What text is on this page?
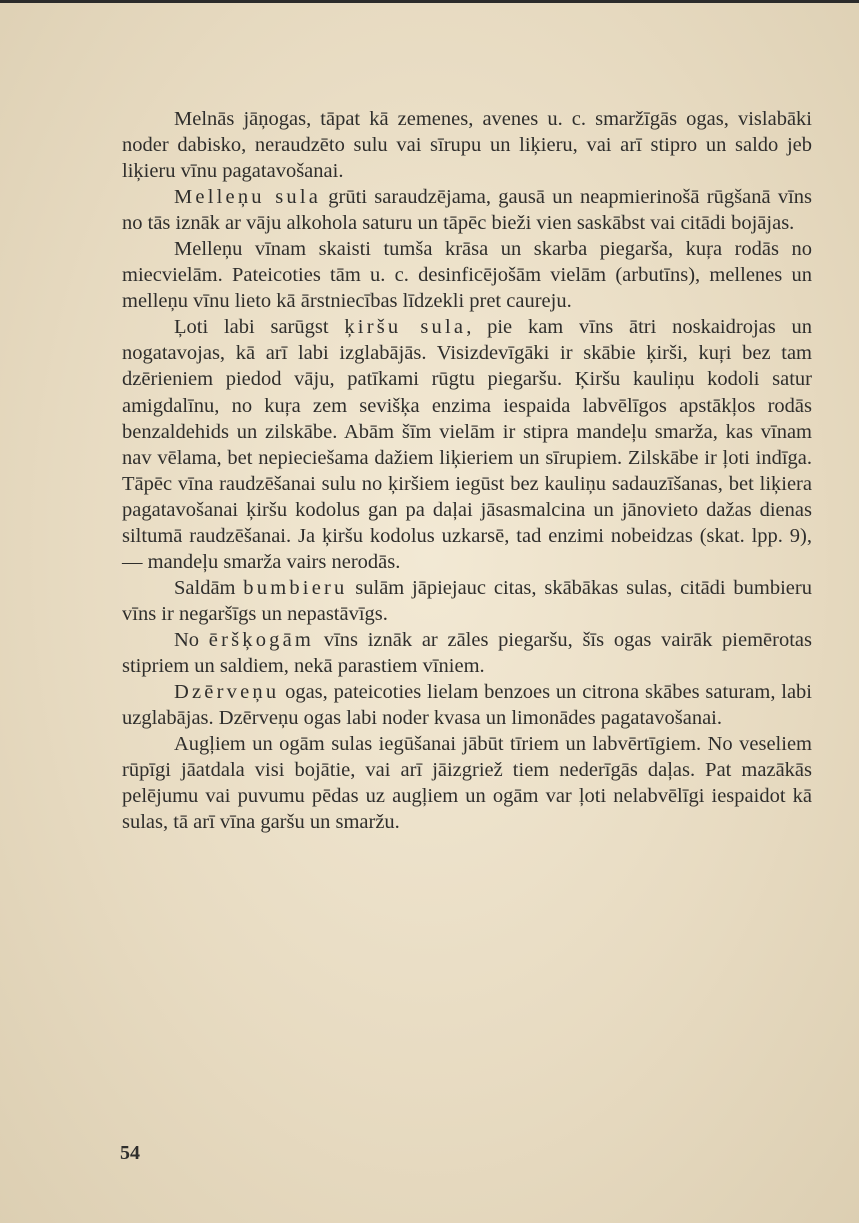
Melnās jāņogas, tāpat kā zemenes, avenes u. c. smaržīgās ogas, vislabāki noder dabisko, neraudzēto sulu vai sīrupu un liķieru, vai arī stipro un saldo jeb liķieru vīnu pagatavošanai.

Melleņu sula grūti saraudzējama, gausā un neapmierinošā rūgšanā vīns no tās iznāk ar vāju alkohola saturu un tāpēc bieži vien saskābst vai citādi bojājas.

Melleņu vīnam skaisti tumša krāsa un skarba piegarša, kuŗa rodās no miecvielām. Pateicoties tām u. c. desinficējošām vielām (arbutīns), mellenes un melleņu vīnu lieto kā ārstniecības līdzekli pret caureju.

Ļoti labi sarūgst ķiršu sula, pie kam vīns ātri noskaidrojas un nogatavojas, kā arī labi izglabājās. Visizdevīgāki ir skābie ķirši, kuŗi bez tam dzērieniem piedod vāju, patīkami rūgtu piegaršu. Ķiršu kauliņu kodoli satur amigdalīnu, no kuŗa zem sevišķa enzima iespaida labvēlīgos apstākļos rodās benzaldehids un zilskābe. Abām šīm vielām ir stipra mandeļu smarža, kas vīnam nav vēlama, bet nepieciešama dažiem liķieriem un sīrupiem. Zilskābe ir ļoti indīga. Tāpēc vīna raudzēšanai sulu no ķiršiem iegūst bez kauliņu sadauzīšanas, bet liķiera pagatavošanai ķiršu kodolus gan pa daļai jāsasmalcina un jānovieto dažas dienas siltumā raudzēšanai. Ja ķiršu kodolus uzkarsē, tad enzimi nobeidzas (skat. lpp. 9), — mandeļu smarža vairs nerodās.

Saldām bumbieru sulām jāpiejauc citas, skābākas sulas, citādi bumbieru vīns ir negaršīgs un nepastāvīgs.

No ēršķogām vīns iznāk ar zāles piegaršu, šīs ogas vairāk piemērotas stipriem un saldiem, nekā parastiem vīniem.

Dzērveņu ogas, pateicoties lielam benzoes un citrona skābes saturam, labi uzglabājas. Dzērveņu ogas labi noder kvasa un limonādes pagatavošanai.

Augļiem un ogām sulas iegūšanai jābūt tīriem un labvērtīgiem. No veseliem rūpīgi jāatdala visi bojātie, vai arī jāizgriež tiem nederīgās daļas. Pat mazākās pelējumu vai puvumu pēdas uz augļiem un ogām var ļoti nelabvēlīgi iespaidot kā sulas, tā arī vīna garšu un smaržu.

54
